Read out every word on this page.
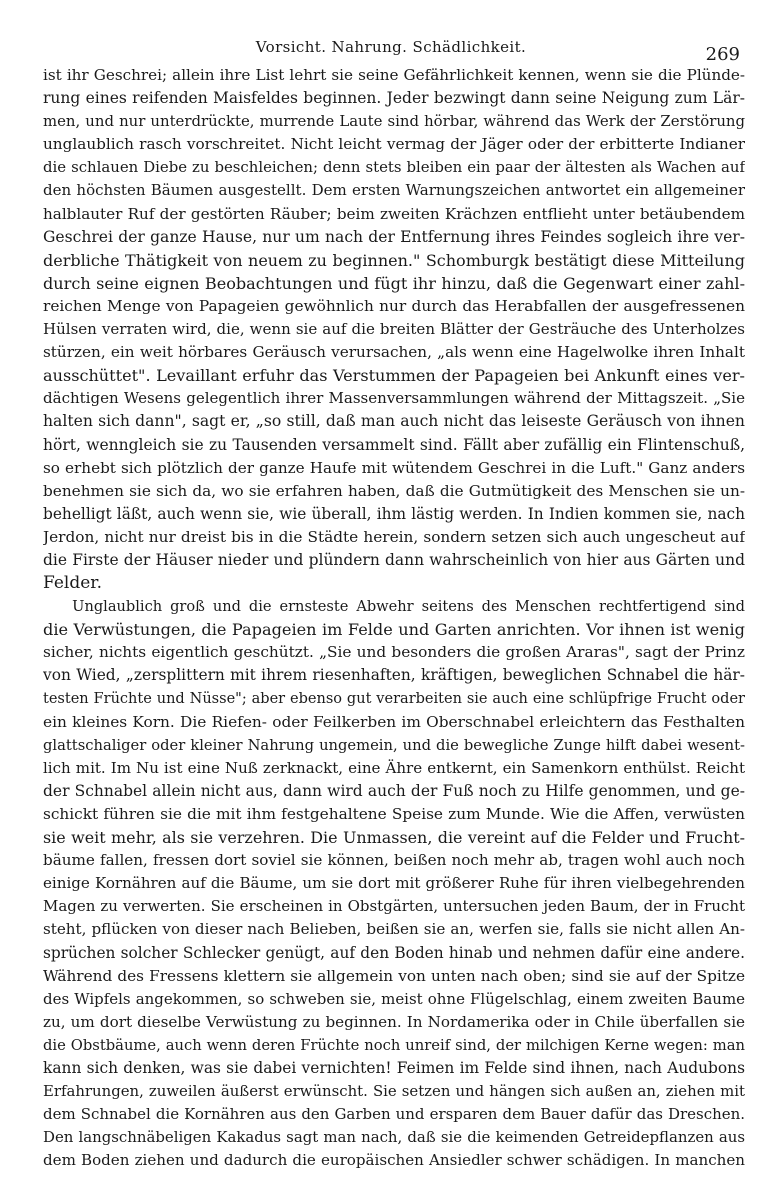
Vorsicht. Nahrung. Schädlichkeit.	269
ist ihr Geschrei; allein ihre List lehrt sie seine Gefährlichkeit kennen, wenn sie die Plünde-
rung eines reifenden Maisfeldes beginnen. Jeder bezwingt dann seine Neigung zum Lär-
men, und nur unterdrückte, murrende Laute sind hörbar, während das Werk der Zerstörung
unglaublich rasch vorschreitet. Nicht leicht vermag der Jäger oder der erbitterte Indianer
die schlauen Diebe zu beschleichen; denn stets bleiben ein paar der ältesten als Wachen auf
den höchsten Bäumen ausgestellt. Dem ersten Warnungszeichen antwortet ein allgemeiner
halblauter Ruf der gestörten Räuber; beim zweiten Krächzen entflieht unter betäubendem
Geschrei der ganze Hause, nur um nach der Entfernung ihres Feindes sogleich ihre ver-
derbliche Thätigkeit von neuem zu beginnen." Schomburgk bestätigt diese Mitteilung
durch seine eignen Beobachtungen und fügt ihr hinzu, daß die Gegenwart einer zahl-
reichen Menge von Papageien gewöhnlich nur durch das Herabfallen der ausgefressenen
Hülsen verraten wird, die, wenn sie auf die breiten Blätter der Gesträuche des Unterholzes
stürzen, ein weit hörbares Geräusch verursachen, „als wenn eine Hagelwolke ihren Inhalt
ausschüttet". Levaillant erfuhr das Verstummen der Papageien bei Ankunft eines ver-
dächtigen Wesens gelegentlich ihrer Massenversammlungen während der Mittagszeit. „Sie
halten sich dann", sagt er, „so still, daß man auch nicht das leiseste Geräusch von ihnen
hört, wenngleich sie zu Tausenden versammelt sind. Fällt aber zufällig ein Flintenschuß,
so erhebt sich plötzlich der ganze Haufe mit wütendem Geschrei in die Luft." Ganz anders
benehmen sie sich da, wo sie erfahren haben, daß die Gutmütigkeit des Menschen sie un-
behelligt läßt, auch wenn sie, wie überall, ihm lästig werden. In Indien kommen sie, nach
Jerdon, nicht nur dreist bis in die Städte herein, sondern setzen sich auch ungescheut auf
die Firste der Häuser nieder und plündern dann wahrscheinlich von hier aus Gärten und
Felder.
Unglaublich groß und die ernsteste Abwehr seitens des Menschen rechtfertigend sind
die Verwüstungen, die Papageien im Felde und Garten anrichten. Vor ihnen ist wenig
sicher, nichts eigentlich geschützt. „Sie und besonders die großen Araras", sagt der Prinz
von Wied, „zersplittern mit ihrem riesenhaften, kräftigen, beweglichen Schnabel die här-
testen Früchte und Nüsse"; aber ebenso gut verarbeiten sie auch eine schlüpfrige Frucht oder
ein kleines Korn. Die Riefen- oder Feilkerben im Oberschnabel erleichtern das Festhalten
glattschaliger oder kleiner Nahrung ungemein, und die bewegliche Zunge hilft dabei wesent-
lich mit. Im Nu ist eine Nuß zerknackt, eine Ähre entkernt, ein Samenkorn enthülst. Reicht
der Schnabel allein nicht aus, dann wird auch der Fuß noch zu Hilfe genommen, und ge-
schickt führen sie die mit ihm festgehaltene Speise zum Munde. Wie die Affen, verwüsten
sie weit mehr, als sie verzehren. Die Unmassen, die vereint auf die Felder und Frucht-
bäume fallen, fressen dort soviel sie können, beißen noch mehr ab, tragen wohl auch noch
einige Kornähren auf die Bäume, um sie dort mit größerer Ruhe für ihren vielbegehrenden
Magen zu verwerten. Sie erscheinen in Obstgärten, untersuchen jeden Baum, der in Frucht
steht, pflücken von dieser nach Belieben, beißen sie an, werfen sie, falls sie nicht allen An-
sprüchen solcher Schlecker genügt, auf den Boden hinab und nehmen dafür eine andere.
Während des Fressens klettern sie allgemein von unten nach oben; sind sie auf der Spitze
des Wipfels angekommen, so schweben sie, meist ohne Flügelschlag, einem zweiten Baume
zu, um dort dieselbe Verwüstung zu beginnen. In Nordamerika oder in Chile überfallen sie
die Obstbäume, auch wenn deren Früchte noch unreif sind, der milchigen Kerne wegen: man
kann sich denken, was sie dabei vernichten! Feimen im Felde sind ihnen, nach Audubons
Erfahrungen, zuweilen äußerst erwünscht. Sie setzen und hängen sich außen an, ziehen mit
dem Schnabel die Kornähren aus den Garben und ersparen dem Bauer dafür das Dreschen.
Den langschnäbeligen Kakadus sagt man nach, daß sie die keimenden Getreidepflanzen aus
dem Boden ziehen und dadurch die europäischen Ansiedler schwer schädigen. In manchen
